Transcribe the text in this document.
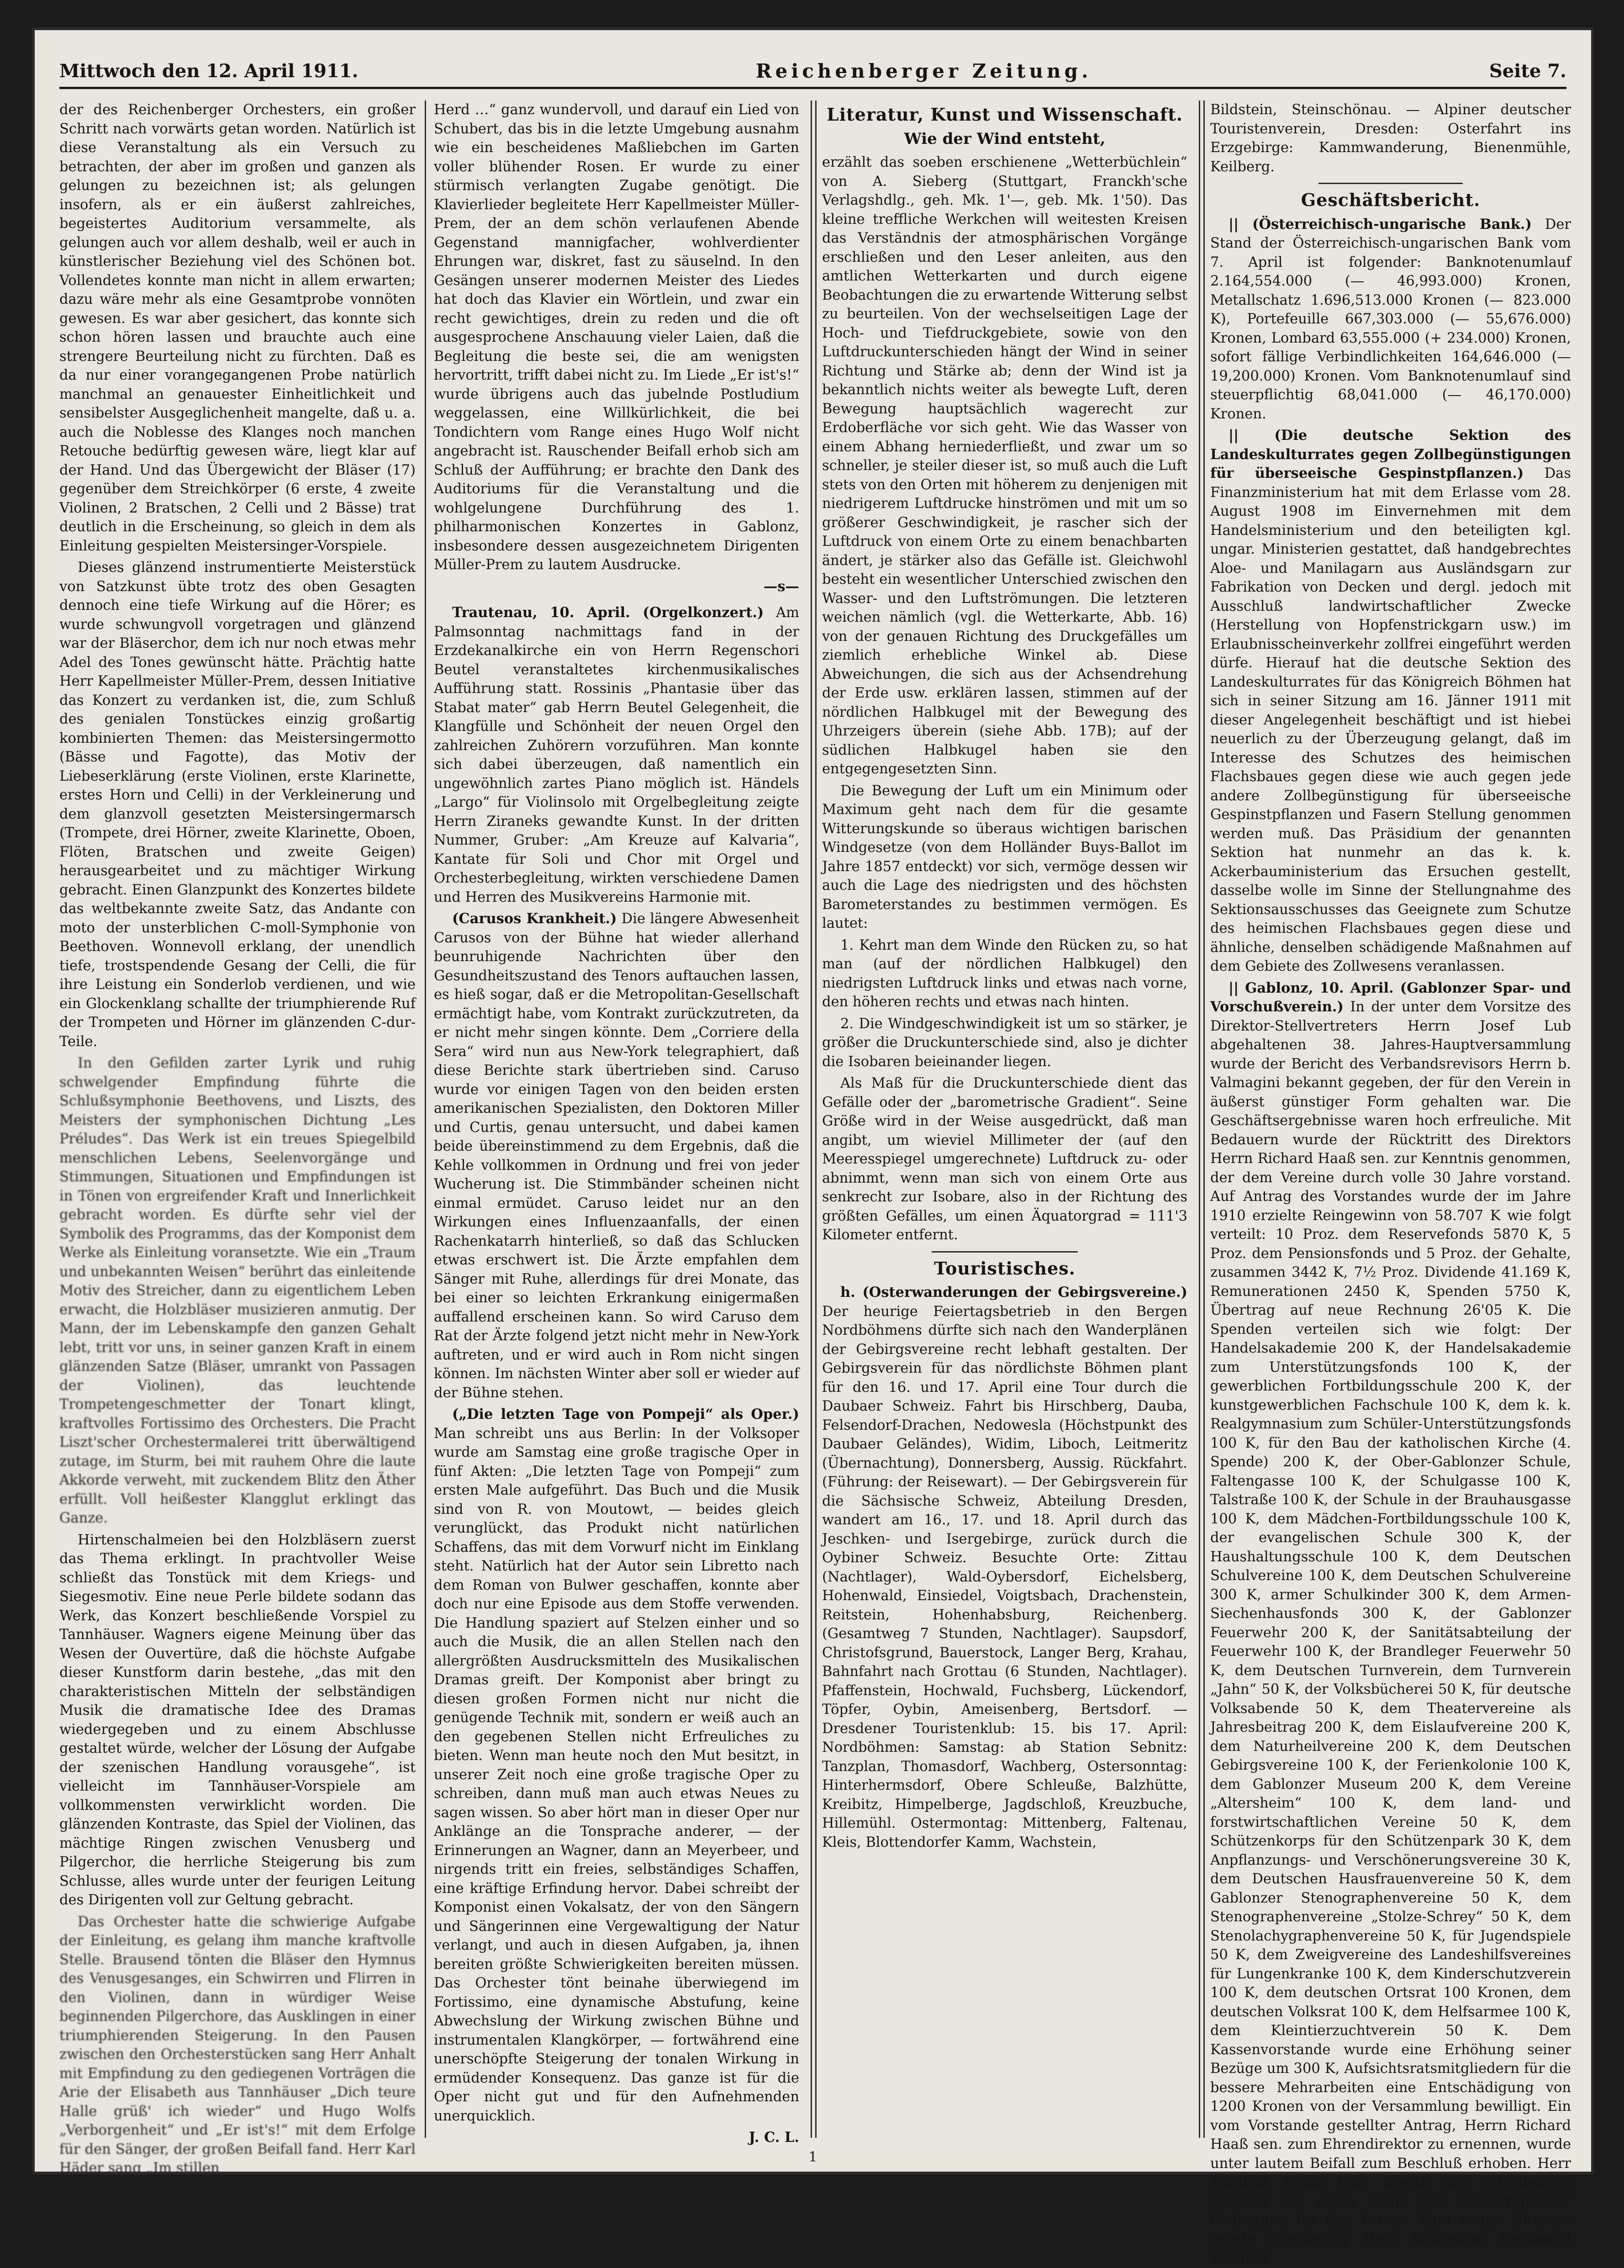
Mittwoch den 12. April 1911.	Reichenberger Zeitung.	Seite 7.

der des Reichenberger Orchesters, ein großer Schritt nach vorwärts getan worden. Natürlich ist diese Veranstaltung als ein Versuch zu betrachten, der aber im großen und ganzen als gelungen zu bezeichnen ist; als gelungen insofern, als er ein äußerst zahlreiches, begeistertes Auditorium versammelte, als gelungen auch vor allem deshalb, weil er auch in künstlerischer Beziehung viel des Schönen bot. Vollendetes konnte man nicht in allem erwarten; dazu wäre mehr als eine Gesamtprobe vonnöten gewesen. Es war aber gesichert, das konnte sich schon hören lassen und brauchte auch eine strengere Beurteilung nicht zu fürchten. Daß es da nur einer vorangegangenen Probe natürlich manchmal an genauester Einheitlichkeit und sensibelster Ausgeglichenheit mangelte, daß u. a. auch die Noblesse des Klanges noch manchen Retouche bedürftig gewesen wäre, liegt klar auf der Hand. Und das Übergewicht der Bläser (17) gegenüber dem Streichkörper (6 erste, 4 zweite Violinen, 2 Bratschen, 2 Celli und 2 Bässe) trat deutlich in die Erscheinung, so gleich in dem als Einleitung gespielten Meistersinger-Vorspiele.

Dieses glänzend instrumentierte Meisterstück von Satzkunst übte trotz des oben Gesagten dennoch eine tiefe Wirkung auf die Hörer; es wurde schwungvoll vorgetragen und glänzend war der Bläserchor, dem ich nur noch etwas mehr Adel des Tones gewünscht hätte. Prächtig hatte Herr Kapellmeister Müller-Prem, dessen Initiative das Konzert zu verdanken ist, die, zum Schluß des genialen Tonstückes einzig großartig kombinierten Themen: das Meistersingermotto (Bässe und Fagotte), das Motiv der Liebeserklärung (erste Violinen, erste Klarinette, erstes Horn und Celli) in der Verkleinerung und dem glanzvoll gesetzten Meistersingermarsch (Trompete, drei Hörner, zweite Klarinette, Oboen, Flöten, Bratschen und zweite Geigen) herausgearbeitet und zu mächtiger Wirkung gebracht. Einen Glanzpunkt des Konzertes bildete das weltbekannte zweite Satz, das Andante con moto der unsterblichen C-moll-Symphonie von Beethoven. Wonnevoll erklang, der unendlich tiefe, trostspendende Gesang der Celli, die für ihre Leistung ein Sonderlob verdienen, und wie ein Glockenklang schallte der triumphierende Ruf der Trompeten und Hörner im glänzenden C-dur-Teile.

In den Gefilden zarter Lyrik und ruhig schwelgender Empfindung führte die Schlußsymphonie Beethovens, und Liszts, des Meisters der symphonischen Dichtung „Les Préludes“. Das Werk ist ein treues Spiegelbild menschlichen Lebens, Seelenvorgänge und Stimmungen, Situationen und Empfindungen ist in Tönen von ergreifender Kraft und Innerlichkeit gebracht worden. Es dürfte sehr viel der Symbolik des Programms, das der Komponist dem Werke als Einleitung voransetzte. Wie ein „Traum und unbekannten Weisen“ berührt das einleitende Motiv des Streicher, dann zu eigentlichem Leben erwacht, die Holzbläser musizieren anmutig. Der Mann, der im Lebenskampfe den ganzen Gehalt lebt, tritt vor uns, in seiner ganzen Kraft in einem glänzenden Satze (Bläser, umrankt von Passagen der Violinen), das leuchtende Trompetengeschmetter der Tonart klingt, kraftvolles Fortissimo des Orchesters. Die Pracht Liszt'scher Orchestermalerei tritt überwältigend zutage, im Sturm, bei mit rauhem Ohre die laute Akkorde verweht, mit zuckendem Blitz den Äther erfüllt. Voll heißester Klangglut erklingt das Ganze.

Hirtenschalmeien bei den Holzbläsern zuerst das Thema erklingt. In prachtvoller Weise schließt das Tonstück mit dem Kriegs- und Siegesmotiv. Eine neue Perle bildete sodann das Werk, das Konzert beschließende Vorspiel zu Tannhäuser. Wagners eigene Meinung über das Wesen der Ouvertüre, daß die höchste Aufgabe dieser Kunstform darin bestehe, „das mit den charakteristischen Mitteln der selbständigen Musik die dramatische Idee des Dramas wiedergegeben und zu einem Abschlusse gestaltet würde, welcher der Lösung der Aufgabe der szenischen Handlung vorausgehe“, ist vielleicht im Tannhäuser-Vorspiele am vollkommensten verwirklicht worden. Die glänzenden Kontraste, das Spiel der Violinen, das mächtige Ringen zwischen Venusberg und Pilgerchor, die herrliche Steigerung bis zum Schlusse, alles wurde unter der feurigen Leitung des Dirigenten voll zur Geltung gebracht.

Das Orchester hatte die schwierige Aufgabe der Einleitung, es gelang ihm manche kraftvolle Stelle. Brausend tönten die Bläser den Hymnus des Venusgesanges, ein Schwirren und Flirren in den Violinen, dann in würdiger Weise beginnenden Pilgerchore, das Ausklingen in einer triumphierenden Steigerung. In den Pausen zwischen den Orchesterstücken sang Herr Anhalt mit Empfindung zu den gediegenen Vorträgen die Arie der Elisabeth aus Tannhäuser „Dich teure Halle grüß' ich wieder“ und Hugo Wolfs „Verborgenheit“ und „Er ist's!“ mit dem Erfolge für den Sänger, der großen Beifall fand. Herr Karl Häder sang „Im stillen

Herd …“ ganz wundervoll, und darauf ein Lied von Schubert, das bis in die letzte Umgebung ausnahm wie ein bescheidenes Maßliebchen im Garten voller blühender Rosen. Er wurde zu einer stürmisch verlangten Zugabe genötigt. Die Klavierlieder begleitete Herr Kapellmeister Müller-Prem, der an dem schön verlaufenen Abende Gegenstand mannigfacher, wohlverdienter Ehrungen war, diskret, fast zu säuselnd. In den Gesängen unserer modernen Meister des Liedes hat doch das Klavier ein Wörtlein, und zwar ein recht gewichtiges, drein zu reden und die oft ausgesprochene Anschauung vieler Laien, daß die Begleitung die beste sei, die am wenigsten hervortritt, trifft dabei nicht zu. Im Liede „Er ist's!“ wurde übrigens auch das jubelnde Postludium weggelassen, eine Willkürlichkeit, die bei Tondichtern vom Range eines Hugo Wolf nicht angebracht ist. Rauschender Beifall erhob sich am Schluß der Aufführung; er brachte den Dank des Auditoriums für die Veranstaltung und die wohlgelungene Durchführung des 1. philharmonischen Konzertes in Gablonz, insbesondere dessen ausgezeichnetem Dirigenten Müller-Prem zu lautem Ausdrucke.

—s—

Trautenau, 10. April. (Orgelkonzert.) Am Palmsonntag nachmittags fand in der Erzdekanalkirche ein von Herrn Regenschori Beutel veranstaltetes kirchenmusikalisches Aufführung statt. Rossinis „Phantasie über das Stabat mater“ gab Herrn Beutel Gelegenheit, die Klangfülle und Schönheit der neuen Orgel den zahlreichen Zuhörern vorzuführen. Man konnte sich dabei überzeugen, daß namentlich ein ungewöhnlich zartes Piano möglich ist. Händels „Largo“ für Violinsolo mit Orgelbegleitung zeigte Herrn Ziraneks gewandte Kunst. In der dritten Nummer, Gruber: „Am Kreuze auf Kalvaria“, Kantate für Soli und Chor mit Orgel und Orchesterbegleitung, wirkten verschiedene Damen und Herren des Musikvereins Harmonie mit.

(Carusos Krankheit.) Die längere Abwesenheit Carusos von der Bühne hat wieder allerhand beunruhigende Nachrichten über den Gesundheitszustand des Tenors auftauchen lassen, es hieß sogar, daß er die Metropolitan-Gesellschaft ermächtigt habe, vom Kontrakt zurückzutreten, da er nicht mehr singen könnte. Dem „Corriere della Sera“ wird nun aus New-York telegraphiert, daß diese Berichte stark übertrieben sind. Caruso wurde vor einigen Tagen von den beiden ersten amerikanischen Spezialisten, den Doktoren Miller und Curtis, genau untersucht, und dabei kamen beide übereinstimmend zu dem Ergebnis, daß die Kehle vollkommen in Ordnung und frei von jeder Wucherung ist. Die Stimmbänder scheinen nicht einmal ermüdet. Caruso leidet nur an den Wirkungen eines Influenzaanfalls, der einen Rachenkatarrh hinterließ, so daß das Schlucken etwas erschwert ist. Die Ärzte empfahlen dem Sänger mit Ruhe, allerdings für drei Monate, das bei einer so leichten Erkrankung einigermaßen auffallend erscheinen kann. So wird Caruso dem Rat der Ärzte folgend jetzt nicht mehr in New-York auftreten, und er wird auch in Rom nicht singen können. Im nächsten Winter aber soll er wieder auf der Bühne stehen.

(„Die letzten Tage von Pompeji“ als Oper.) Man schreibt uns aus Berlin: In der Volksoper wurde am Samstag eine große tragische Oper in fünf Akten: „Die letzten Tage von Pompeji“ zum ersten Male aufgeführt. Das Buch und die Musik sind von R. von Moutowt, — beides gleich verunglückt, das Produkt nicht natürlichen Schaffens, das mit dem Vorwurf nicht im Einklang steht. Natürlich hat der Autor sein Libretto nach dem Roman von Bulwer geschaffen, konnte aber doch nur eine Episode aus dem Stoffe verwenden. Die Handlung spaziert auf Stelzen einher und so auch die Musik, die an allen Stellen nach den allergrößten Ausdrucksmitteln des Musikalischen Dramas greift. Der Komponist aber bringt zu diesen großen Formen nicht nur nicht die genügende Technik mit, sondern er weiß auch an den gegebenen Stellen nicht Erfreuliches zu bieten. Wenn man heute noch den Mut besitzt, in unserer Zeit noch eine große tragische Oper zu schreiben, dann muß man auch etwas Neues zu sagen wissen. So aber hört man in dieser Oper nur Anklänge an die Tonsprache anderer, — der Erinnerungen an Wagner, dann an Meyerbeer, und nirgends tritt ein freies, selbständiges Schaffen, eine kräftige Erfindung hervor. Dabei schreibt der Komponist einen Vokalsatz, der von den Sängern und Sängerinnen eine Vergewaltigung der Natur verlangt, und auch in diesen Aufgaben, ja, ihnen bereiten größte Schwierigkeiten bereiten müssen. Das Orchester tönt beinahe überwiegend im Fortissimo, eine dynamische Abstufung, keine Abwechslung der Wirkung zwischen Bühne und instrumentalen Klangkörper, — fortwährend eine unerschöpfte Steigerung der tonalen Wirkung in ermüdender Konsequenz. Das ganze ist für die Oper nicht gut und für den Aufnehmenden unerquicklich.

J. C. L.
Literatur, Kunst und Wissenschaft.
Wie der Wind entsteht,

erzählt das soeben erschienene „Wetterbüchlein“ von A. Sieberg (Stuttgart, Franckh'sche Verlagshdlg., geh. Mk. 1'—, geb. Mk. 1'50). Das kleine treffliche Werkchen will weitesten Kreisen das Verständnis der atmosphärischen Vorgänge erschließen und den Leser anleiten, aus den amtlichen Wetterkarten und durch eigene Beobachtungen die zu erwartende Witterung selbst zu beurteilen. Von der wechselseitigen Lage der Hoch- und Tiefdruckgebiete, sowie von den Luftdruckunterschieden hängt der Wind in seiner Richtung und Stärke ab; denn der Wind ist ja bekanntlich nichts weiter als bewegte Luft, deren Bewegung hauptsächlich wagerecht zur Erdoberfläche vor sich geht. Wie das Wasser von einem Abhang herniederfließt, und zwar um so schneller, je steiler dieser ist, so muß auch die Luft stets von den Orten mit höherem zu denjenigen mit niedrigerem Luftdrucke hinströmen und mit um so größerer Geschwindigkeit, je rascher sich der Luftdruck von einem Orte zu einem benachbarten ändert, je stärker also das Gefälle ist. Gleichwohl besteht ein wesentlicher Unterschied zwischen den Wasser- und den Luftströmungen. Die letzteren weichen nämlich (vgl. die Wetterkarte, Abb. 16) von der genauen Richtung des Druckgefälles um ziemlich erhebliche Winkel ab. Diese Abweichungen, die sich aus der Achsendrehung der Erde usw. erklären lassen, stimmen auf der nördlichen Halbkugel mit der Bewegung des Uhrzeigers überein (siehe Abb. 17B); auf der südlichen Halbkugel haben sie den entgegengesetzten Sinn.

Die Bewegung der Luft um ein Minimum oder Maximum geht nach dem für die gesamte Witterungskunde so überaus wichtigen barischen Windgesetze (von dem Holländer Buys-Ballot im Jahre 1857 entdeckt) vor sich, vermöge dessen wir auch die Lage des niedrigsten und des höchsten Barometerstandes zu bestimmen vermögen. Es lautet:

1. Kehrt man dem Winde den Rücken zu, so hat man (auf der nördlichen Halbkugel) den niedrigsten Luftdruck links und etwas nach vorne, den höheren rechts und etwas nach hinten.

2. Die Windgeschwindigkeit ist um so stärker, je größer die Druckunterschiede sind, also je dichter die Isobaren beieinander liegen.

Als Maß für die Druckunterschiede dient das Gefälle oder der „barometrische Gradient“. Seine Größe wird in der Weise ausgedrückt, daß man angibt, um wieviel Millimeter der (auf den Meeresspiegel umgerechnete) Luftdruck zu- oder abnimmt, wenn man sich von einem Orte aus senkrecht zur Isobare, also in der Richtung des größten Gefälles, um einen Äquatorgrad = 111'3 Kilometer entfernt.

Touristisches.

h. (Osterwanderungen der Gebirgsvereine.) Der heurige Feiertagsbetrieb in den Bergen Nordböhmens dürfte sich nach den Wanderplänen der Gebirgsvereine recht lebhaft gestalten. Der Gebirgsverein für das nördlichste Böhmen plant für den 16. und 17. April eine Tour durch die Daubaer Schweiz. Fahrt bis Hirschberg, Dauba, Felsendorf-Drachen, Nedowesla (Höchstpunkt des Daubaer Geländes), Widim, Liboch, Leitmeritz (Übernachtung), Donnersberg, Aussig. Rückfahrt. (Führung: der Reisewart). — Der Gebirgsverein für die Sächsische Schweiz, Abteilung Dresden, wandert am 16., 17. und 18. April durch das Jeschken- und Isergebirge, zurück durch die Oybiner Schweiz. Besuchte Orte: Zittau (Nachtlager), Wald-Oybersdorf, Eichelsberg, Hohenwald, Einsiedel, Voigtsbach, Drachenstein, Reitstein, Hohenhabsburg, Reichenberg. (Gesamtweg 7 Stunden, Nachtlager). Saupsdorf, Christofsgrund, Bauerstock, Langer Berg, Krahau, Bahnfahrt nach Grottau (6 Stunden, Nachtlager). Pfaffenstein, Hochwald, Fuchsberg, Lückendorf, Töpfer, Oybin, Ameisenberg, Bertsdorf. — Dresdener Touristenklub: 15. bis 17. April: Nordböhmen: Samstag: ab Station Sebnitz: Tanzplan, Thomasdorf, Wachberg, Ostersonntag: Hinterhermsdorf, Obere Schleuße, Balzhütte, Kreibitz, Himpelberge, Jagdschloß, Kreuzbuche, Hillemühl. Ostermontag: Mittenberg, Faltenau, Kleis, Blottendorfer Kamm, Wachstein,

Bildstein, Steinschönau. — Alpiner deutscher Touristenverein, Dresden: Osterfahrt ins Erzgebirge: Kammwanderung, Bienenmühle, Keilberg.

Geschäftsbericht.

|| (Österreichisch-ungarische Bank.) Der Stand der Österreichisch-ungarischen Bank vom 7. April ist folgender: Banknotenumlauf 2.164,554.000 (— 46,993.000) Kronen, Metallschatz 1.696,513.000 Kronen (— 823.000 K), Portefeuille 667,303.000 (— 55,676.000) Kronen, Lombard 63,555.000 (+ 234.000) Kronen, sofort fällige Verbindlichkeiten 164,646.000 (— 19,200.000) Kronen. Vom Banknotenumlauf sind steuerpflichtig 68,041.000 (— 46,170.000) Kronen.

|| (Die deutsche Sektion des Landeskulturrates gegen Zollbegünstigungen für überseeische Gespinstpflanzen.) Das Finanzministerium hat mit dem Erlasse vom 28. August 1908 im Einvernehmen mit dem Handelsministerium und den beteiligten kgl. ungar. Ministerien gestattet, daß handgebrechtes Aloe- und Manilagarn aus Ausländsgarn zur Fabrikation von Decken und dergl. jedoch mit Ausschluß landwirtschaftlicher Zwecke (Herstellung von Hopfenstrickgarn usw.) im Erlaubnisscheinverkehr zollfrei eingeführt werden dürfe. Hierauf hat die deutsche Sektion des Landeskulturrates für das Königreich Böhmen hat sich in seiner Sitzung am 16. Jänner 1911 mit dieser Angelegenheit beschäftigt und ist hiebei neuerlich zu der Überzeugung gelangt, daß im Interesse des Schutzes des heimischen Flachsbaues gegen diese wie auch gegen jede andere Zollbegünstigung für überseeische Gespinstpflanzen und Fasern Stellung genommen werden muß. Das Präsidium der genannten Sektion hat nunmehr an das k. k. Ackerbauministerium das Ersuchen gestellt, dasselbe wolle im Sinne der Stellungnahme des Sektionsausschusses das Geeignete zum Schutze des heimischen Flachsbaues gegen diese und ähnliche, denselben schädigende Maßnahmen auf dem Gebiete des Zollwesens veranlassen.

|| Gablonz, 10. April. (Gablonzer Spar- und Vorschußverein.) In der unter dem Vorsitze des Direktor-Stellvertreters Herrn Josef Lub abgehaltenen 38. Jahres-Hauptversammlung wurde der Bericht des Verbandsrevisors Herrn b. Valmagini bekannt gegeben, der für den Verein in äußerst günstiger Form gehalten war. Die Geschäftsergebnisse waren hoch erfreuliche. Mit Bedauern wurde der Rücktritt des Direktors Herrn Richard Haaß sen. zur Kenntnis genommen, der dem Vereine durch volle 30 Jahre vorstand. Auf Antrag des Vorstandes wurde der im Jahre 1910 erzielte Reingewinn von 58.707 K wie folgt verteilt: 10 Proz. dem Reservefonds 5870 K, 5 Proz. dem Pensionsfonds und 5 Proz. der Gehalte, zusammen 3442 K, 7½ Proz. Dividende 41.169 K, Remunerationen 2450 K, Spenden 5750 K, Übertrag auf neue Rechnung 26'05 K. Die Spenden verteilen sich wie folgt: Der Handelsakademie 200 K, der Handelsakademie zum Unterstützungsfonds 100 K, der gewerblichen Fortbildungsschule 200 K, der kunstgewerblichen Fachschule 100 K, dem k. k. Realgymnasium zum Schüler-Unterstützungsfonds 100 K, für den Bau der katholischen Kirche (4. Spende) 200 K, der Ober-Gablonzer Schule, Faltengasse 100 K, der Schulgasse 100 K, Talstraße 100 K, der Schule in der Brauhausgasse 100 K, dem Mädchen-Fortbildungsschule 100 K, der evangelischen Schule 300 K, der Haushaltungsschule 100 K, dem Deutschen Schulvereine 100 K, dem Deutschen Schulvereine 300 K, armer Schulkinder 300 K, dem Armen-Siechenhausfonds 300 K, der Gablonzer Feuerwehr 200 K, der Sanitätsabteilung der Feuerwehr 100 K, der Brandleger Feuerwehr 50 K, dem Deutschen Turnverein, dem Turnverein „Jahn“ 50 K, der Volksbücherei 50 K, für deutsche Volksabende 50 K, dem Theatervereine als Jahresbeitrag 200 K, dem Eislaufvereine 200 K, dem Naturheilvereine 200 K, dem Deutschen Gebirgsvereine 100 K, der Ferienkolonie 100 K, dem Gablonzer Museum 200 K, dem Vereine „Altersheim“ 100 K, dem land- und forstwirtschaftlichen Vereine 50 K, dem Schützenkorps für den Schützenpark 30 K, dem Anpflanzungs- und Verschönerungsvereine 30 K, dem Deutschen Hausfrauenvereine 50 K, dem Gablonzer Stenographenvereine 50 K, dem Stenographenvereine „Stolze-Schrey“ 50 K, dem Stenolachygraphenvereine 50 K, für Jugendspiele 50 K, dem Zweigvereine des Landeshilfsvereines für Lungenkranke 100 K, dem Kinderschutzverein 100 K, dem deutschen Ortsrat 100 Kronen, dem deutschen Volksrat 100 K, dem Helfsarmee 100 K, dem Kleintierzuchtverein 50 K. Dem Kassenvorstande wurde eine Erhöhung seiner Bezüge um 300 K, Aufsichtsratsmitgliedern für die bessere Mehrarbeiten eine Entschädigung von 1200 Kronen von der Versammlung bewilligt. Ein vom Vorstande gestellter Antrag, Herrn Richard Haaß sen. zum Ehrendirektor zu ernennen, wurde unter lautem Beifall zum Beschluß erhoben. Herr Stadtrat Franz Lufe feierte den scheidenden Direktor als einen Mann von hervorragender Bedeutung für den Verein. Zum neuen Direktor wurde einstimmig Herr Kaufmann Ferdinand Schmidt

1
